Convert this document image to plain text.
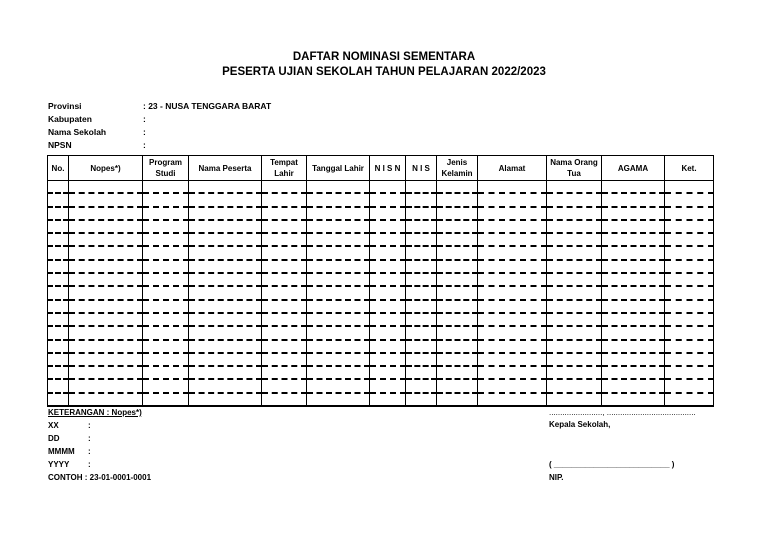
DAFTAR NOMINASI SEMENTARA
PESERTA UJIAN SEKOLAH TAHUN PELAJARAN 2022/2023
Provinsi	: 23 - NUSA TENGGARA BARAT
Kabupaten	:
Nama Sekolah	:
NPSN	:
No.	Nopes*)	Program Studi	Nama Peserta	Tempat Lahir	Tanggal Lahir	N I S N	N I S	Jenis Kelamin	Alamat	Nama Orang Tua	AGAMA	Ket.

KETERANGAN : Nopes*)
XX	:
DD	:
MMMM :
YYYY :
CONTOH : 23-01-0001-0001
........................, ........................................
Kepala Sekolah,
( __________________________ )
NIP.
